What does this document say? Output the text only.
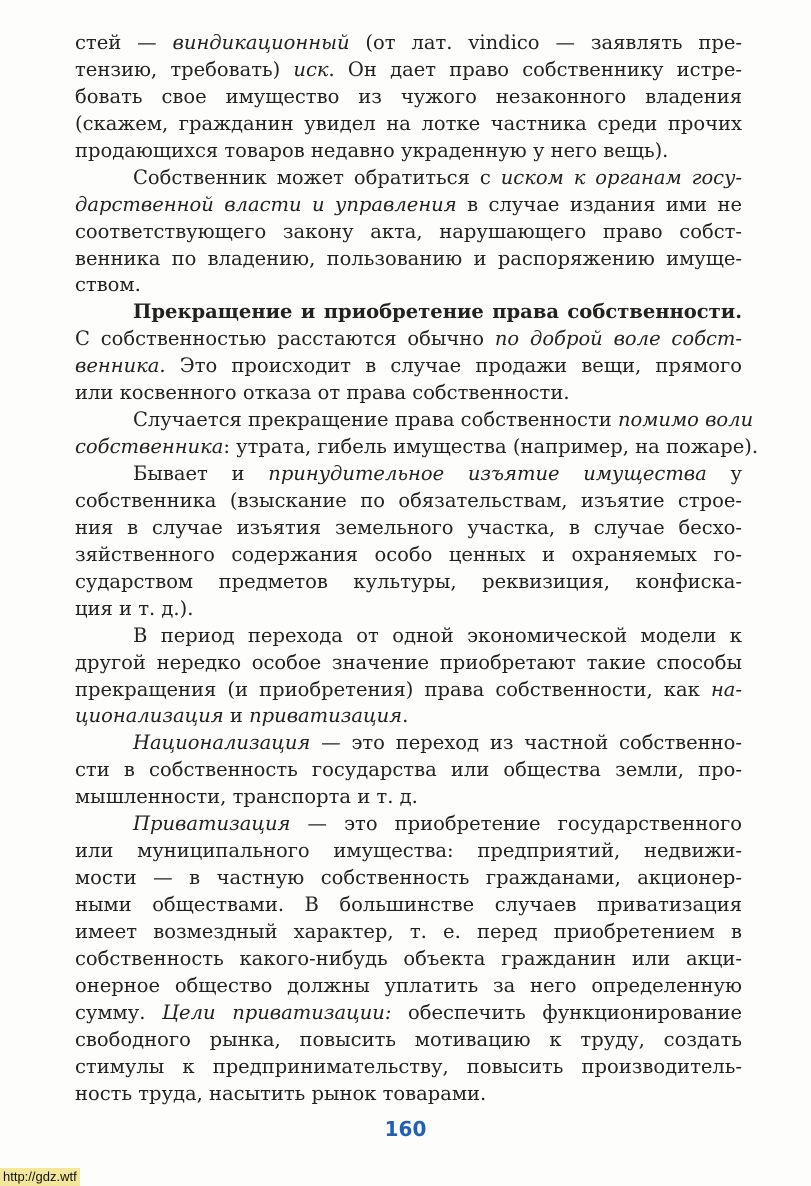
стей — виндикационный (от лат. vindico — заявлять пре-
тензию, требовать) иск. Он дает право собственнику истре-
бовать свое имущество из чужого незаконного владения
(скажем, гражданин увидел на лотке частника среди прочих
продающихся товаров недавно украденную у него вещь).
Собственник может обратиться с иском к органам госу-
дарственной власти и управления в случае издания ими не
соответствующего закону акта, нарушающего право собст-
венника по владению, пользованию и распоряжению имуще-
ством.
Прекращение и приобретение права собственности.
С собственностью расстаются обычно по доброй воле собст-
венника. Это происходит в случае продажи вещи, прямого
или косвенного отказа от права собственности.
Случается прекращение права собственности помимо воли
собственника: утрата, гибель имущества (например, на пожаре).
Бывает и принудительное изъятие имущества у
собственника (взыскание по обязательствам, изъятие строе-
ния в случае изъятия земельного участка, в случае бесхо-
зяйственного содержания особо ценных и охраняемых го-
сударством предметов культуры, реквизиция, конфиска-
ция и т. д.).
В период перехода от одной экономической модели к
другой нередко особое значение приобретают такие способы
прекращения (и приобретения) права собственности, как на-
ционализация и приватизация.
Национализация — это переход из частной собственно-
сти в собственность государства или общества земли, про-
мышленности, транспорта и т. д.
Приватизация — это приобретение государственного
или муниципального имущества: предприятий, недвижи-
мости — в частную собственность гражданами, акционер-
ными обществами. В большинстве случаев приватизация
имеет возмездный характер, т. е. перед приобретением в
собственность какого-нибудь объекта гражданин или акци-
онерное общество должны уплатить за него определенную
сумму. Цели приватизации: обеспечить функционирование
свободного рынка, повысить мотивацию к труду, создать
стимулы к предпринимательству, повысить производитель-
ность труда, насытить рынок товарами.
160
http://gdz.wtf
